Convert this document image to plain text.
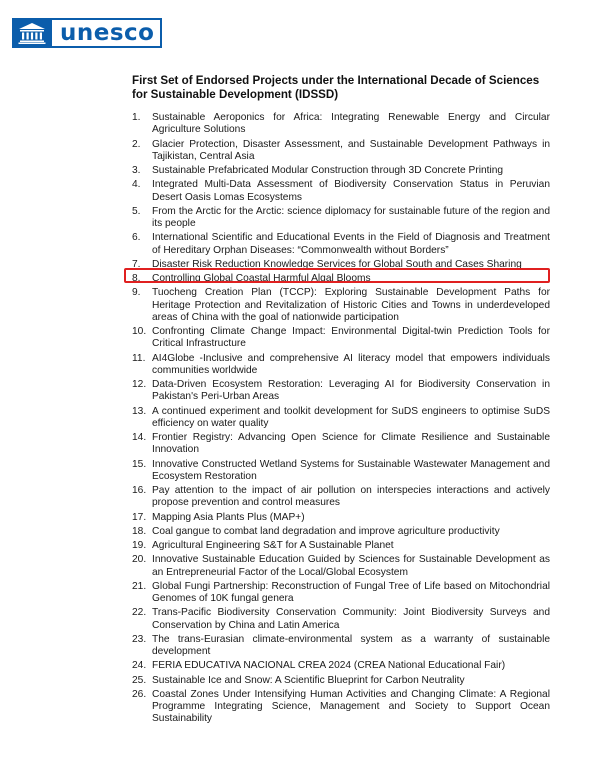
unesco
First Set of Endorsed Projects under the International Decade of Sciences for Sustainable Development (IDSSD)
1.	Sustainable Aeroponics for Africa: Integrating Renewable Energy and Circular Agriculture Solutions
2.	Glacier Protection, Disaster Assessment, and Sustainable Development Pathways in Tajikistan, Central Asia
3.	Sustainable Prefabricated Modular Construction through 3D Concrete Printing
4.	Integrated Multi-Data Assessment of Biodiversity Conservation Status in Peruvian Desert Oasis Lomas Ecosystems
5.	From the Arctic for the Arctic: science diplomacy for sustainable future of the region and its people
6.	International Scientific and Educational Events in the Field of Diagnosis and Treatment of Hereditary Orphan Diseases: “Commonwealth without Borders”
7.	Disaster Risk Reduction Knowledge Services for Global South and Cases Sharing
8.	Controlling Global Coastal Harmful Algal Blooms
9.	Tuocheng Creation Plan (TCCP): Exploring Sustainable Development Paths for Heritage Protection and Revitalization of Historic Cities and Towns in underdeveloped areas of China with the goal of nationwide participation
10. Confronting Climate Change Impact: Environmental Digital-twin Prediction Tools for Critical Infrastructure
11. AI4Globe -Inclusive and comprehensive AI literacy model that empowers individuals communities worldwide
12. Data-Driven Ecosystem Restoration: Leveraging AI for Biodiversity Conservation in Pakistan's Peri-Urban Areas
13. A continued experiment and toolkit development for SuDS engineers to optimise SuDS efficiency on water quality
14. Frontier Registry: Advancing Open Science for Climate Resilience and Sustainable Innovation
15. Innovative Constructed Wetland Systems for Sustainable Wastewater Management and Ecosystem Restoration
16. Pay attention to the impact of air pollution on interspecies interactions and actively propose prevention and control measures
17. Mapping Asia Plants Plus (MAP+)
18. Coal gangue to combat land degradation and improve agriculture productivity
19. Agricultural Engineering S&T for A Sustainable Planet
20. Innovative Sustainable Education Guided by Sciences for Sustainable Development as an Entrepreneurial Factor of the Local/Global Ecosystem
21. Global Fungi Partnership: Reconstruction of Fungal Tree of Life based on Mitochondrial Genomes of 10K fungal genera
22. Trans-Pacific Biodiversity Conservation Community: Joint Biodiversity Surveys and Conservation by China and Latin America
23. The trans-Eurasian climate-environmental system as a warranty of sustainable development
24. FERIA EDUCATIVA NACIONAL CREA 2024 (CREA National Educational Fair)
25. Sustainable Ice and Snow: A Scientific Blueprint for Carbon Neutrality
26. Coastal Zones Under Intensifying Human Activities and Changing Climate: A Regional Programme Integrating Science, Management and Society to Support Ocean Sustainability
